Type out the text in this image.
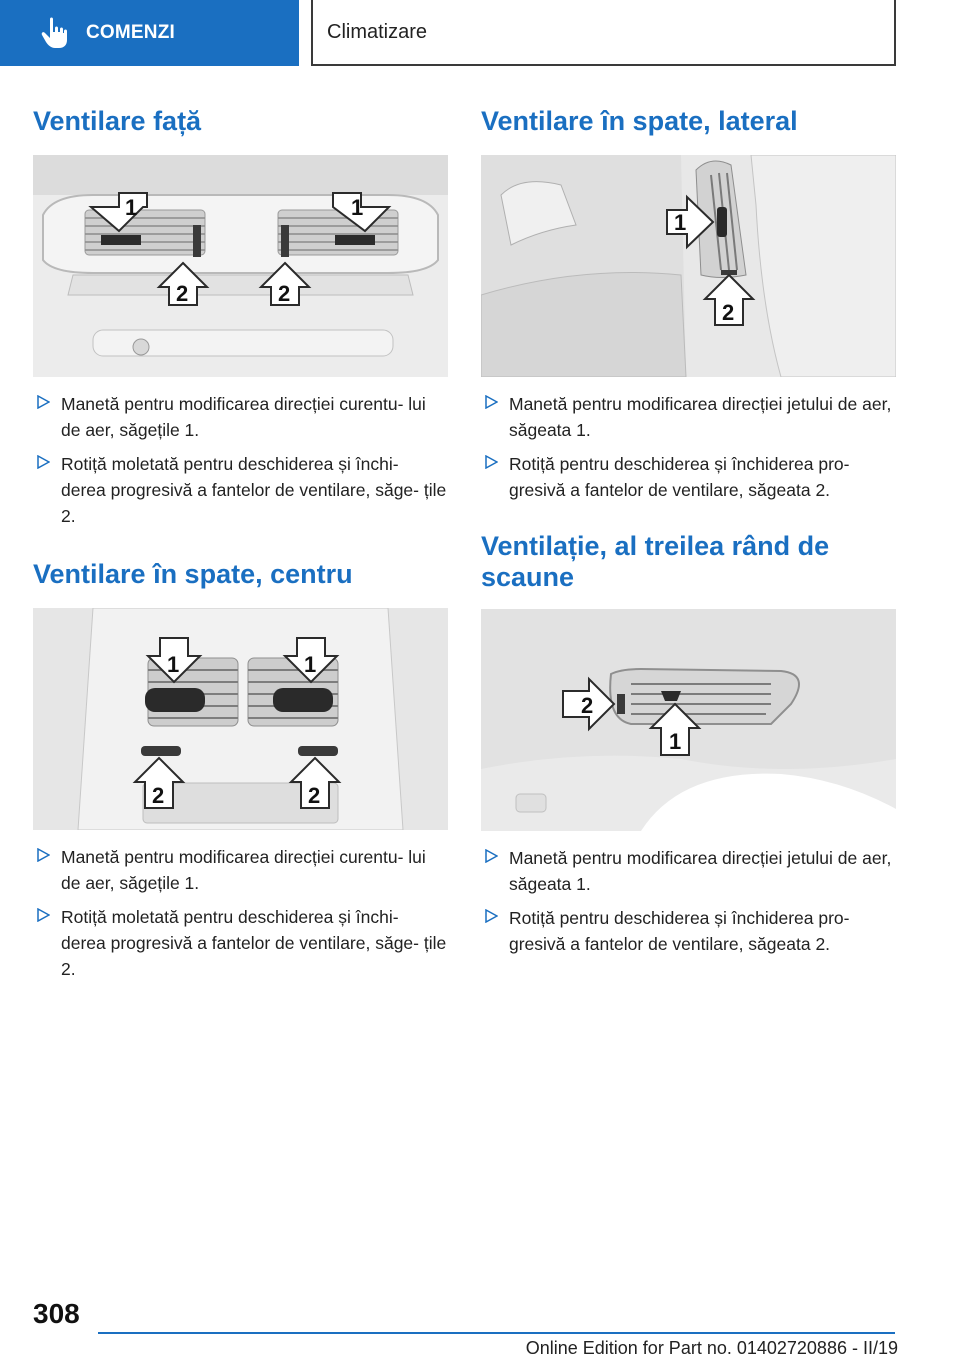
COMENZI	Climatizare
Ventilare față
1	1
2	2
Manetă pentru modificarea direcției curentu- lui de aer, săgețile 1.
Rotiță moletată pentru deschiderea și închi- derea progresivă a fantelor de ventilare, săge- țile 2.
Ventilare în spate, centru
1	1
2	2
Manetă pentru modificarea direcției curentu- lui de aer, săgețile 1.
Rotiță moletată pentru deschiderea și închi- derea progresivă a fantelor de ventilare, săge- țile 2.
Ventilare în spate, lateral
1
2
Manetă pentru modificarea direcției jetului de aer, săgeata 1.
Rotiță pentru deschiderea și închiderea pro- gresivă a fantelor de ventilare, săgeata 2.
Ventilație, al treilea rând de scaune
2
1
Manetă pentru modificarea direcției jetului de aer, săgeata 1.
Rotiță pentru deschiderea și închiderea pro- gresivă a fantelor de ventilare, săgeata 2.
308
Online Edition for Part no. 01402720886 - II/19
